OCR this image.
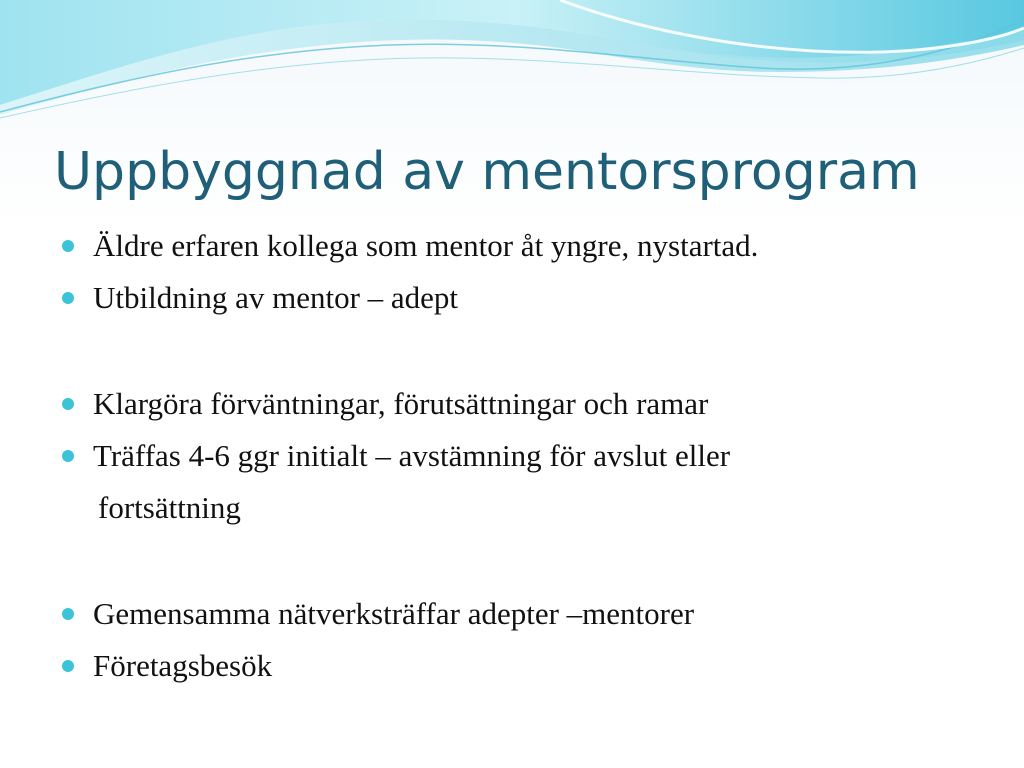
Uppbyggnad av mentorsprogram
Äldre erfaren kollega som mentor åt yngre, nystartad.
Utbildning av mentor – adept
Klargöra förväntningar, förutsättningar och ramar
Träffas 4-6 ggr initialt – avstämning för avslut eller
fortsättning
Gemensamma nätverksträffar adepter –mentorer
Företagsbesök
